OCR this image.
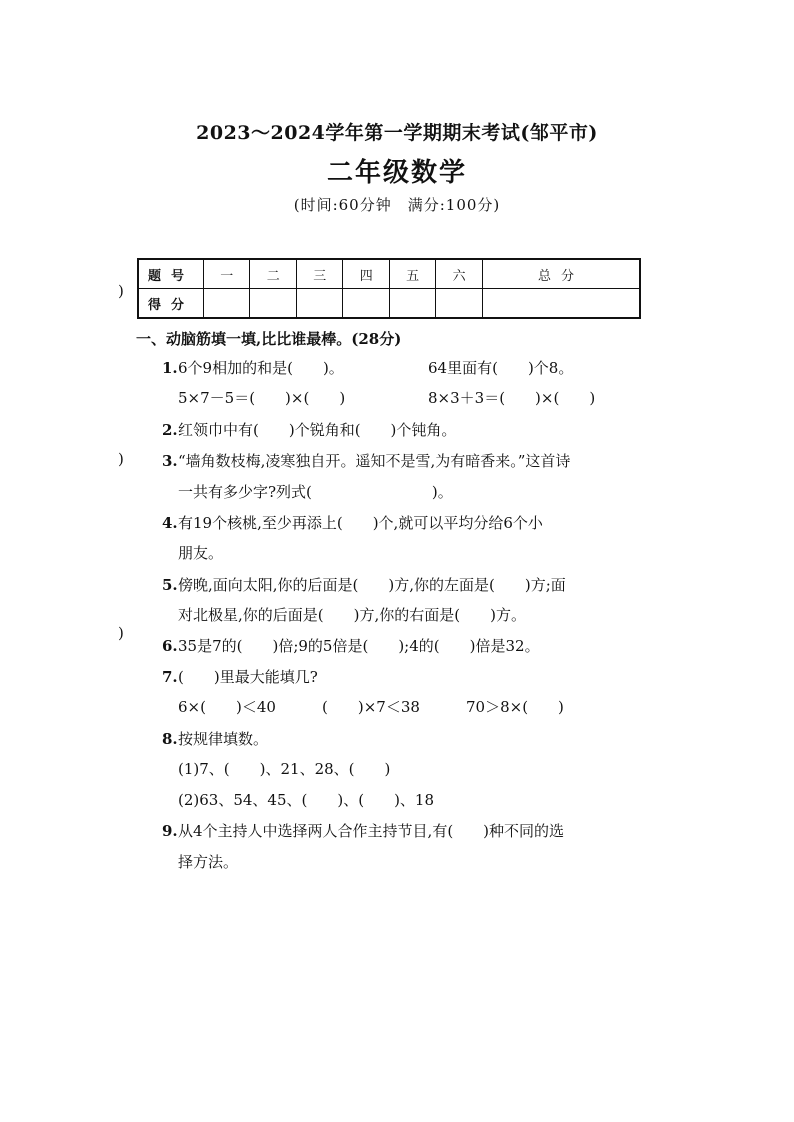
2023～2024学年第一学期期末考试(邹平市)
二年级数学
(时间:60分钟　满分:100分)
)
)
)
题号	一	二	三	四	五	六	总分
得分							
一、动脑筋填一填,比比谁最棒。(28分)
1. 6个9相加的和是(　　)。	64里面有(　　)个8。
5×7－5＝(　　)×(　　)	8×3＋3＝(　　)×(　　)
2. 红领巾中有(　　)个锐角和(　　)个钝角。
3. “墙角数枝梅,凌寒独自开。遥知不是雪,为有暗香来。”这首诗
一共有多少字?列式(　　　　　　　　)。
4. 有19个核桃,至少再添上(　　)个,就可以平均分给6个小
朋友。
5. 傍晚,面向太阳,你的后面是(　　)方,你的左面是(　　)方;面
对北极星,你的后面是(　　)方,你的右面是(　　)方。
6. 35是7的(　　)倍;9的5倍是(　　);4的(　　)倍是32。
7. (　　)里最大能填几?
6×(　　)＜40	(　　)×7＜38	70＞8×(　　)
8. 按规律填数。
(1)7、(　　)、21、28、(　　)
(2)63、54、45、(　　)、(　　)、18
9. 从4个主持人中选择两人合作主持节目,有(　　)种不同的选
择方法。
